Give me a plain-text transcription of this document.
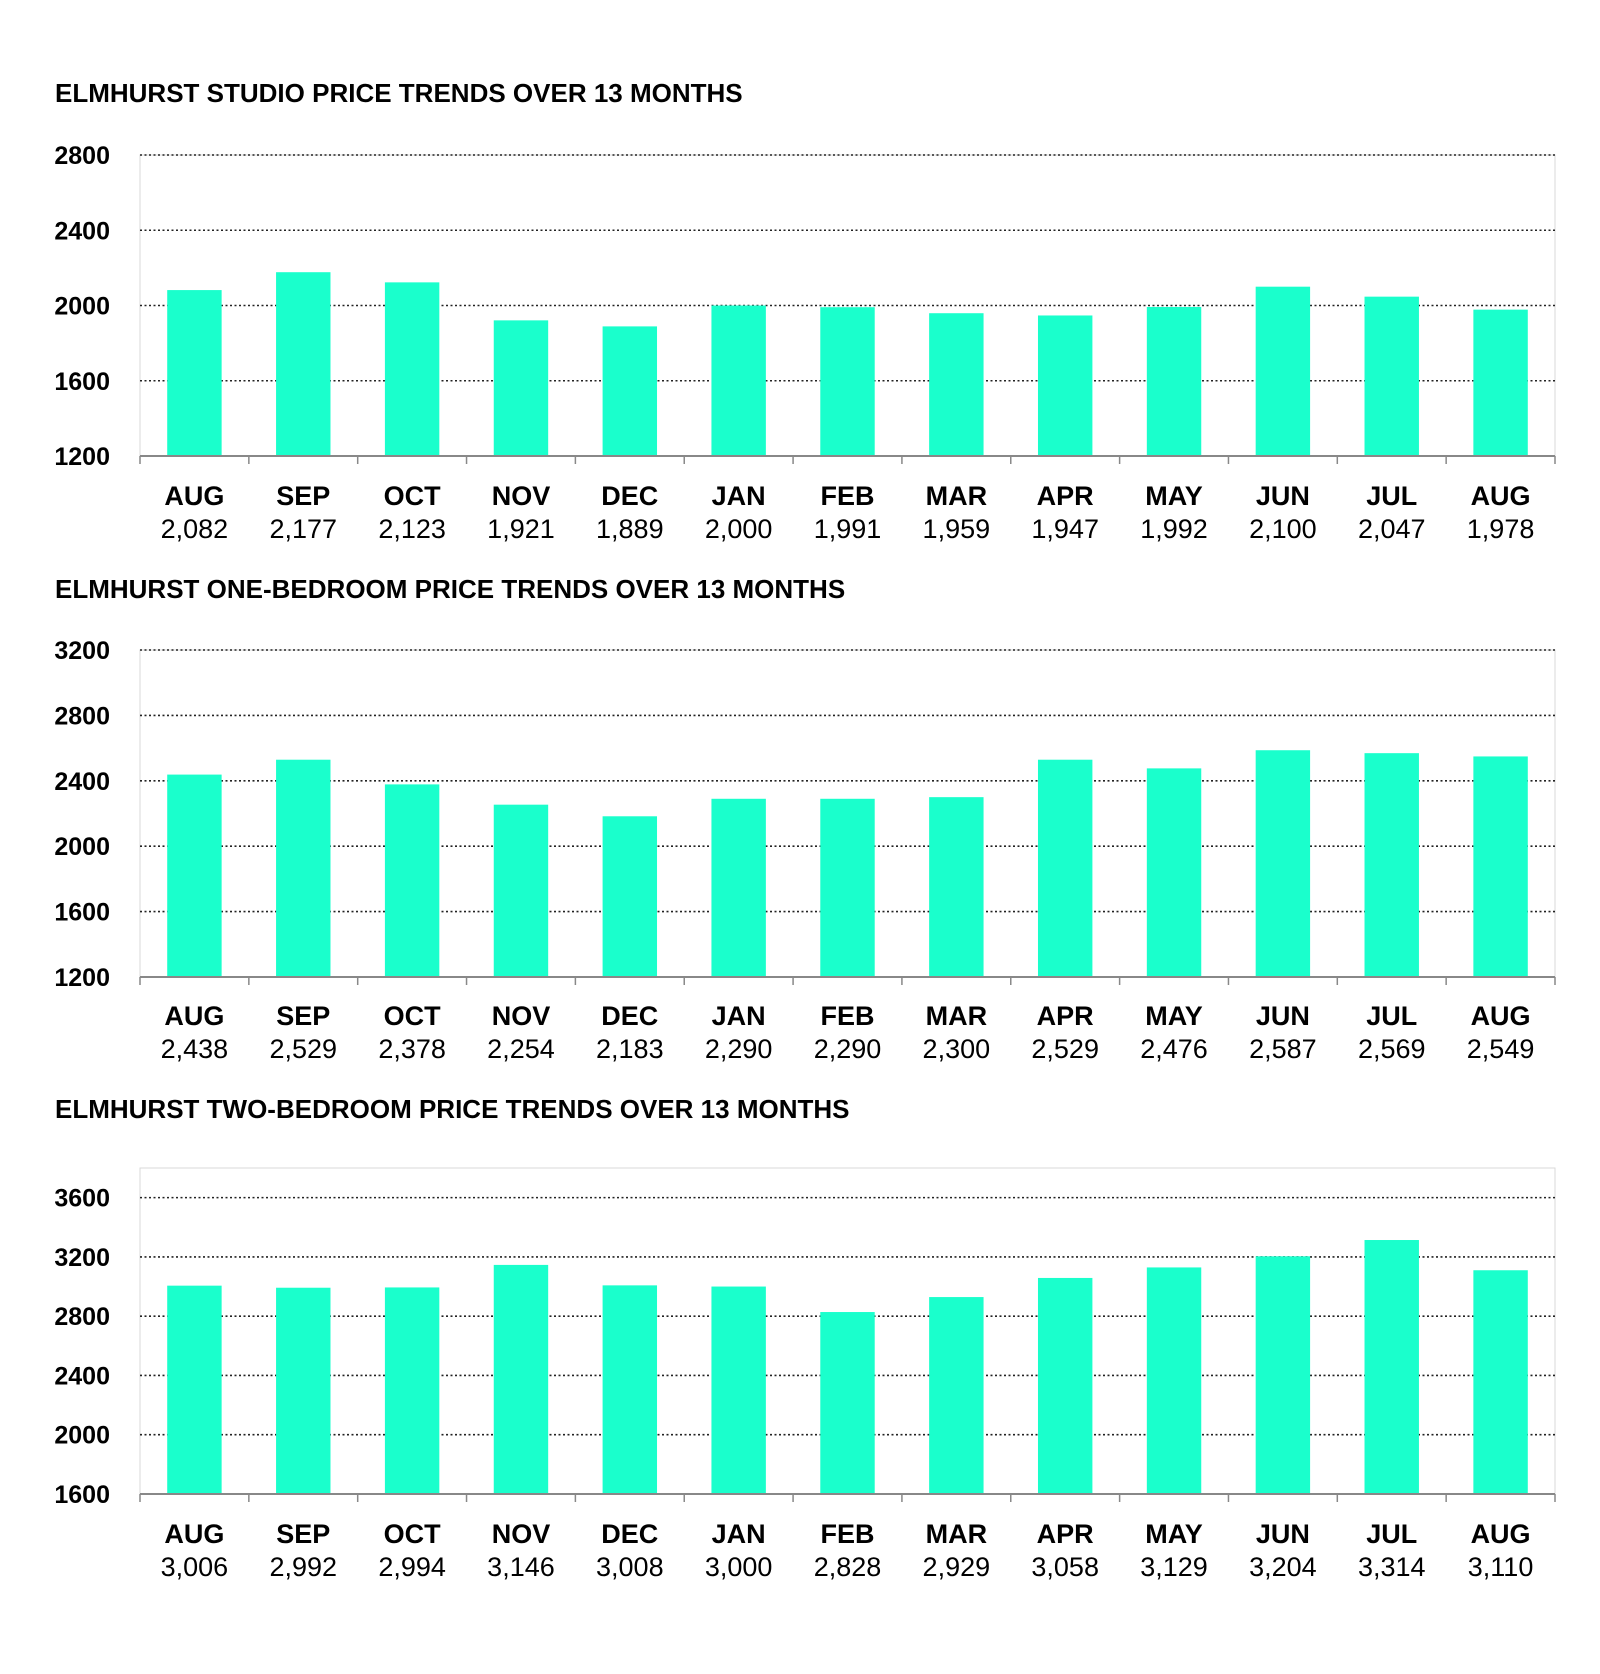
ELMHURST STUDIO PRICE TRENDS OVER 13 MONTHS
1200
1600
2000
2400
2800
AUG
2,082
SEP
2,177
OCT
2,123
NOV
1,921
DEC
1,889
JAN
2,000
FEB
1,991
MAR
1,959
APR
1,947
MAY
1,992
JUN
2,100
JUL
2,047
AUG
1,978
ELMHURST ONE-BEDROOM PRICE TRENDS OVER 13 MONTHS
1200
1600
2000
2400
2800
3200
AUG
2,438
SEP
2,529
OCT
2,378
NOV
2,254
DEC
2,183
JAN
2,290
FEB
2,290
MAR
2,300
APR
2,529
MAY
2,476
JUN
2,587
JUL
2,569
AUG
2,549
ELMHURST TWO-BEDROOM PRICE TRENDS OVER 13 MONTHS
1600
2000
2400
2800
3200
3600
AUG
3,006
SEP
2,992
OCT
2,994
NOV
3,146
DEC
3,008
JAN
3,000
FEB
2,828
MAR
2,929
APR
3,058
MAY
3,129
JUN
3,204
JUL
3,314
AUG
3,110
